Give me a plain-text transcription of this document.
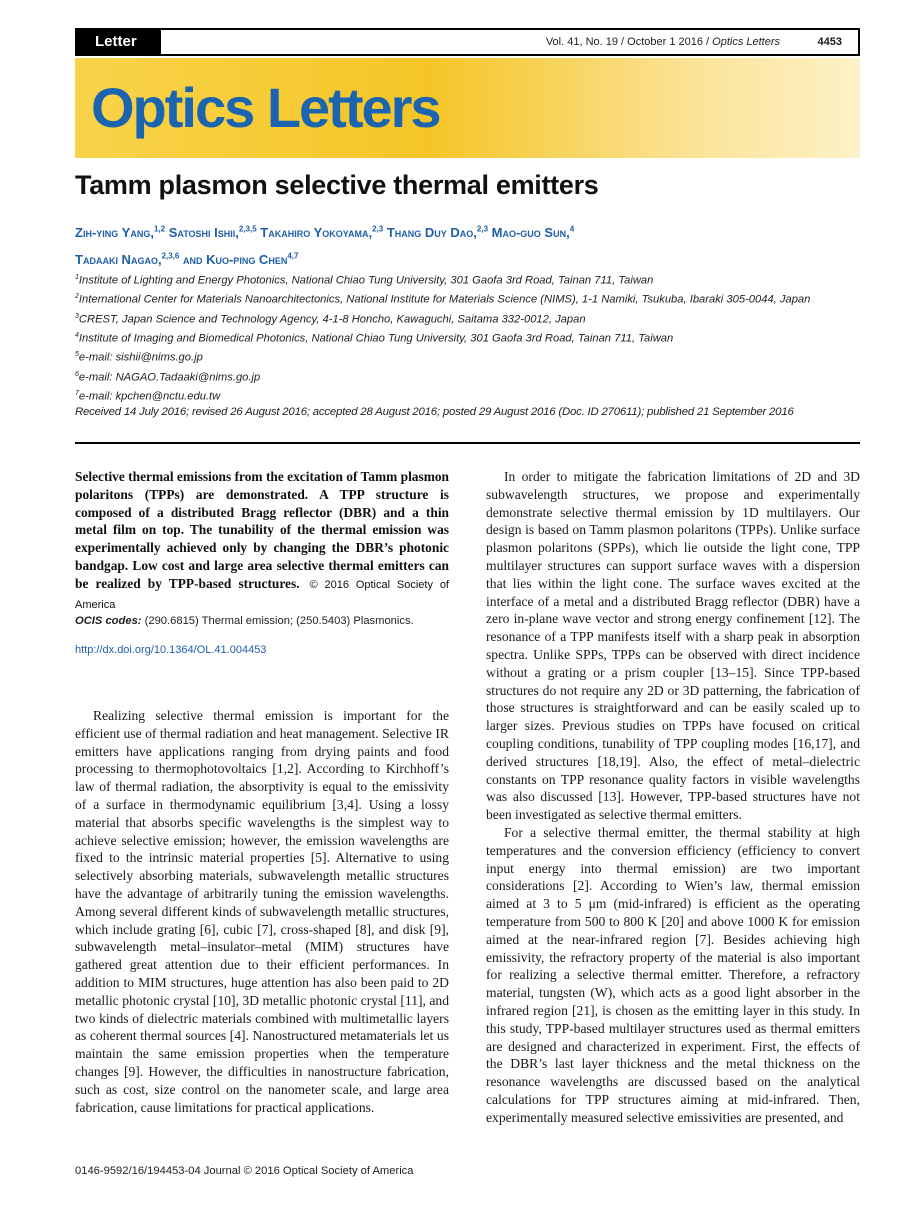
Letter	Vol. 41, No. 19 / October 1 2016 / Optics Letters	4453
Optics Letters
Tamm plasmon selective thermal emitters
Zih-ying Yang,$^{1,2}$ Satoshi Ishii,$^{2,3,5}$ Takahiro Yokoyama,$^{2,3}$ Thang Duy Dao,$^{2,3}$ Mao-guo Sun,$^4$
Tadaaki Nagao,$^{2,3,6}$ and Kuo-ping Chen$^{4,7}$

$^1$Institute of Lighting and Energy Photonics, National Chiao Tung University, 301 Gaofa 3rd Road, Tainan 711, Taiwan

$^2$International Center for Materials Nanoarchitectonics, National Institute for Materials Science (NIMS), 1-1 Namiki, Tsukuba, Ibaraki 305-0044, Japan

$^3$CREST, Japan Science and Technology Agency, 4-1-8 Honcho, Kawaguchi, Saitama 332-0012, Japan

$^4$Institute of Imaging and Biomedical Photonics, National Chiao Tung University, 301 Gaofa 3rd Road, Tainan 711, Taiwan

$^5$e-mail: sishii@nims.go.jp

$^6$e-mail: NAGAO.Tadaaki@nims.go.jp

$^7$e-mail: kpchen@nctu.edu.tw

Received 14 July 2016; revised 26 August 2016; accepted 28 August 2016; posted 29 August 2016 (Doc. ID 270611); published 21 September 2016
Selective thermal emissions from the excitation of Tamm plasmon polaritons (TPPs) are demonstrated. A TPP structure is composed of a distributed Bragg reflector (DBR) and a thin metal film on top. The tunability of the thermal emission was experimentally achieved only by changing the DBR’s photonic bandgap. Low cost and large area selective thermal emitters can be realized by TPP-based structures. © 2016 Optical Society of America
OCIS codes: (290.6815) Thermal emission; (250.5403) Plasmonics.
http://dx.doi.org/10.1364/OL.41.004453

Realizing selective thermal emission is important for the efficient use of thermal radiation and heat management. Selective IR emitters have applications ranging from drying paints and food processing to thermophotovoltaics [1,2]. According to Kirchhoff’s law of thermal radiation, the absorptivity is equal to the emissivity of a surface in thermodynamic equilibrium [3,4]. Using a lossy material that absorbs specific wavelengths is the simplest way to achieve selective emission; however, the emission wavelengths are fixed to the intrinsic material properties [5]. Alternative to using selectively absorbing materials, subwavelength metallic structures have the advantage of arbitrarily tuning the emission wavelengths. Among several different kinds of subwavelength metallic structures, which include grating [6], cubic [7], cross-shaped [8], and disk [9], subwavelength metal–insulator–metal (MIM) structures have gathered great attention due to their efficient performances. In addition to MIM structures, huge attention has also been paid to 2D metallic photonic crystal [10], 3D metallic photonic crystal [11], and two kinds of dielectric materials combined with multimetallic layers as coherent thermal sources [4]. Nanostructured metamaterials let us maintain the same emission properties when the temperature changes [9]. However, the difficulties in nanostructure fabrication, such as cost, size control on the nanometer scale, and large area fabrication, cause limitations for practical applications.

In order to mitigate the fabrication limitations of 2D and 3D subwavelength structures, we propose and experimentally demonstrate selective thermal emission by 1D multilayers. Our design is based on Tamm plasmon polaritons (TPPs). Unlike surface plasmon polaritons (SPPs), which lie outside the light cone, TPP multilayer structures can support surface waves with a dispersion that lies within the light cone. The surface waves excited at the interface of a metal and a distributed Bragg reflector (DBR) have a zero in-plane wave vector and strong energy confinement [12]. The resonance of a TPP manifests itself with a sharp peak in absorption spectra. Unlike SPPs, TPPs can be observed with direct incidence without a grating or a prism coupler [13–15]. Since TPP-based structures do not require any 2D or 3D patterning, the fabrication of those structures is straightforward and can be easily scaled up to larger sizes. Previous studies on TPPs have focused on critical coupling conditions, tunability of TPP coupling modes [16,17], and derived structures [18,19]. Also, the effect of metal–dielectric constants on TPP resonance quality factors in visible wavelengths was also discussed [13]. However, TPP-based structures have not been investigated as selective thermal emitters.

For a selective thermal emitter, the thermal stability at high temperatures and the conversion efficiency (efficiency to convert input energy into thermal emission) are two important considerations [2]. According to Wien’s law, thermal emission aimed at 3 to 5 μm (mid-infrared) is efficient as the operating temperature from 500 to 800 K [20] and above 1000 K for emission aimed at the near-infrared region [7]. Besides achieving high emissivity, the refractory property of the material is also important for realizing a selective thermal emitter. Therefore, a refractory material, tungsten (W), which acts as a good light absorber in the infrared region [21], is chosen as the emitting layer in this study. In this study, TPP-based multilayer structures used as thermal emitters are designed and characterized in experiment. First, the effects of the DBR’s last layer thickness and the metal thickness on the resonance wavelengths are discussed based on the analytical calculations for TPP structures aiming at mid-infrared. Then, experimentally measured selective emissivities are presented, and

0146-9592/16/194453-04 Journal © 2016 Optical Society of America
